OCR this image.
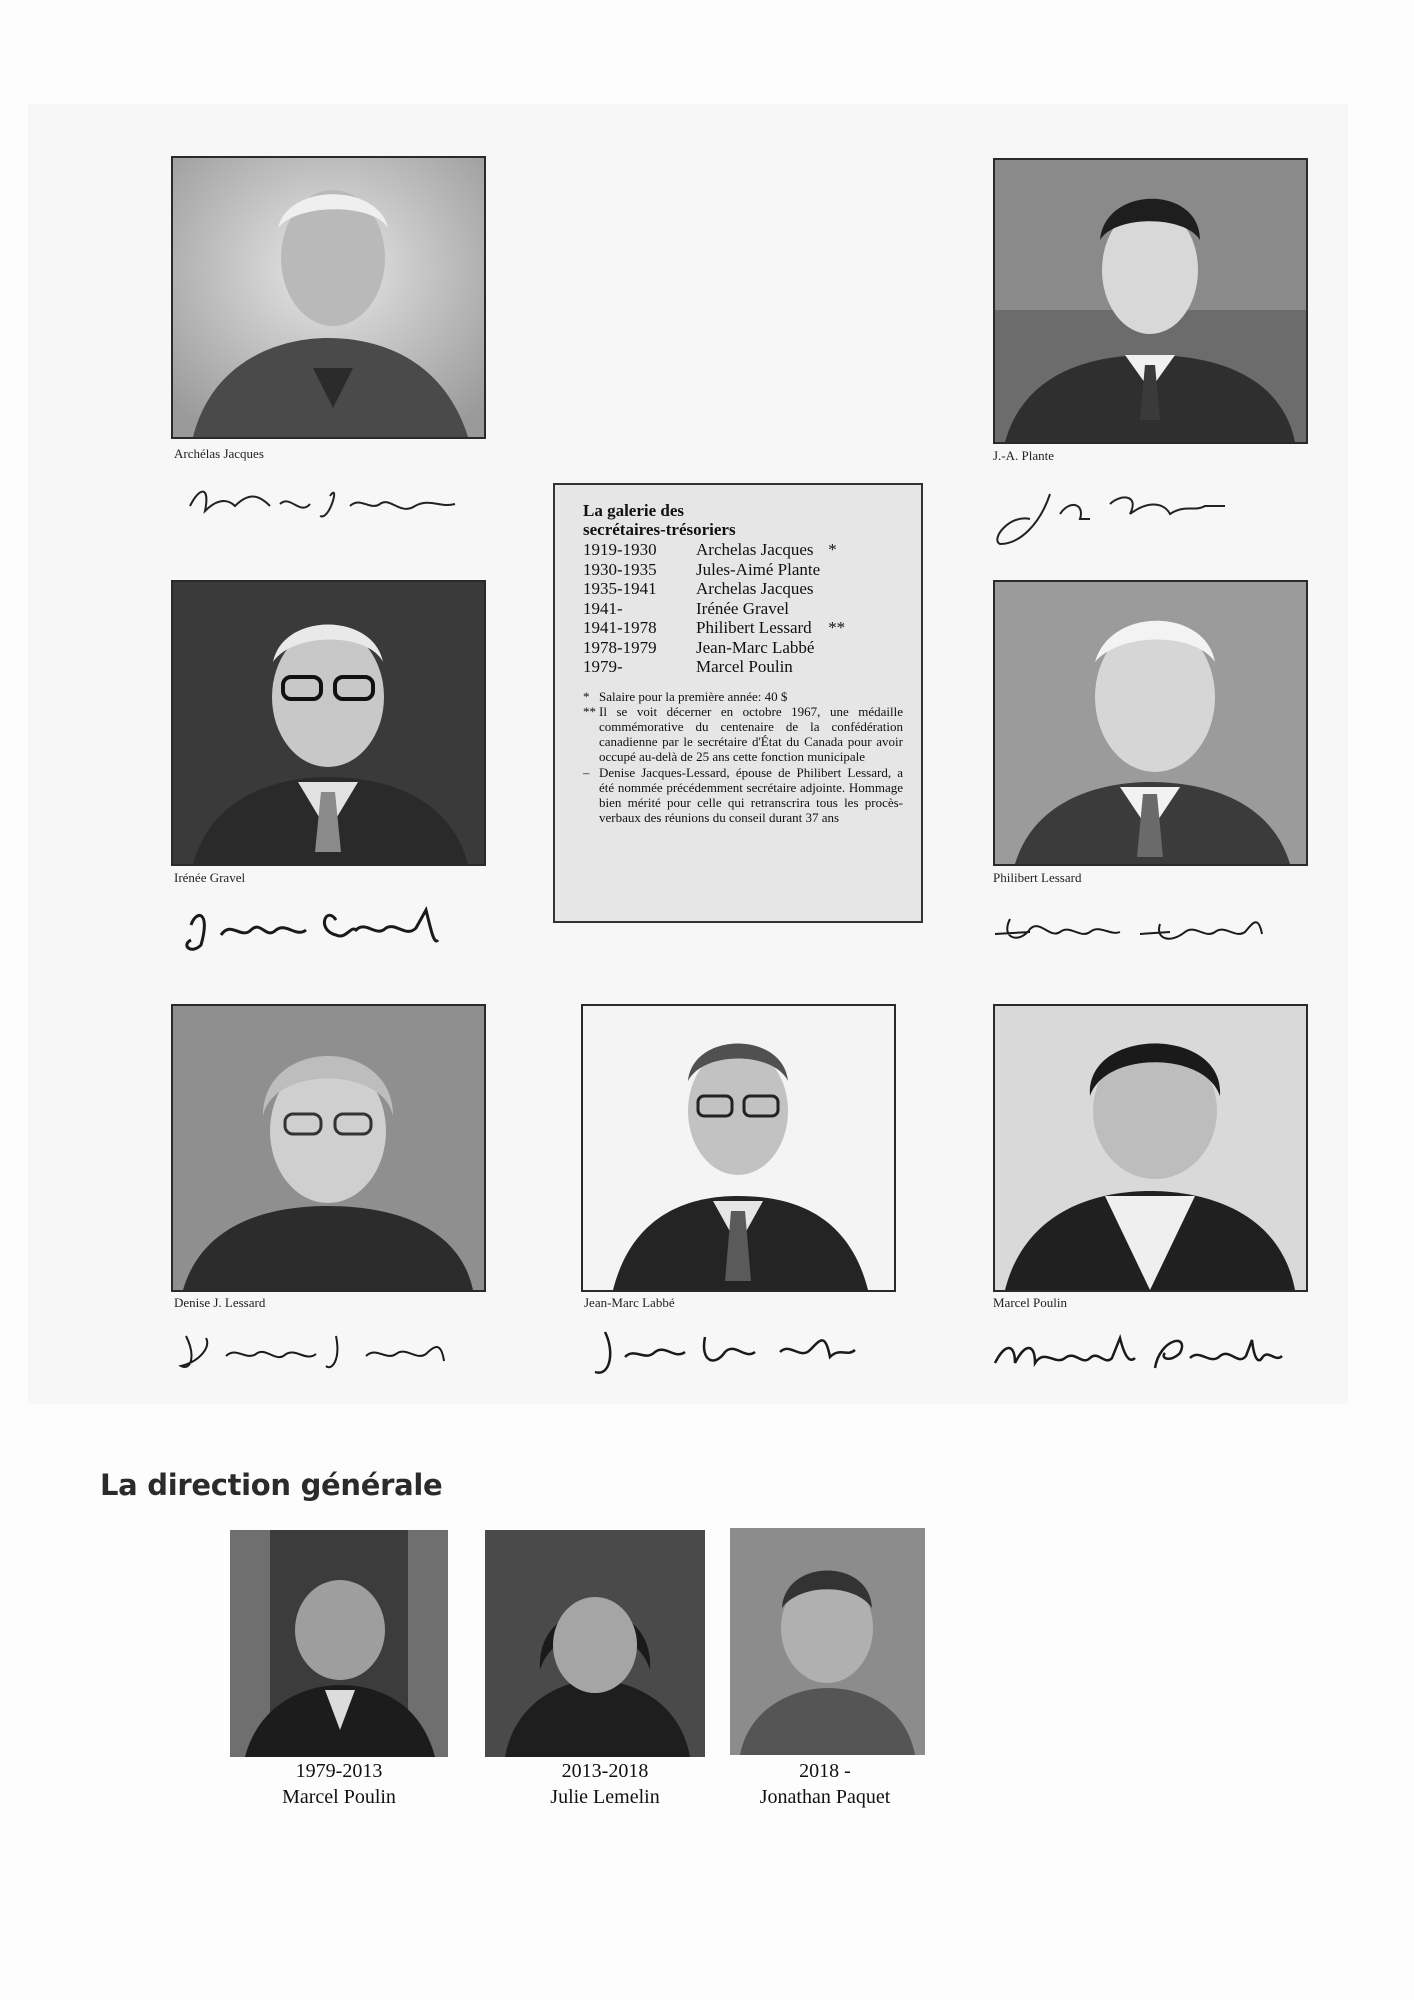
Archélas Jacques	J.-A. Plante
La galerie des
secrétaires-trésoriers
1919-1930	Archelas Jacques	*
1930-1935	Jules-Aimé Plante	
1935-1941	Archelas Jacques	
1941-	Irénée Gravel	
1941-1978	Philibert Lessard	**
1978-1979	Jean-Marc Labbé	
1979-	Marcel Poulin	
* Salaire pour la première année: 40 $
** Il se voit décerner en octobre 1967, une médaille commémorative du centenaire de la confédération canadienne par le secrétaire d'État du Canada pour avoir occupé au-delà de 25 ans cette fonction municipale
– Denise Jacques-Lessard, épouse de Philibert Lessard, a été nommée précédemment secrétaire adjointe. Hommage bien mérité pour celle qui retranscrira tous les procès-verbaux des réunions du conseil durant 37 ans
Irénée Gravel	Philibert Lessard
Denise J. Lessard	Jean-Marc Labbé	Marcel Poulin
La direction générale
1979-2013
Marcel Poulin
2013-2018
Julie Lemelin
2018 -
Jonathan Paquet
